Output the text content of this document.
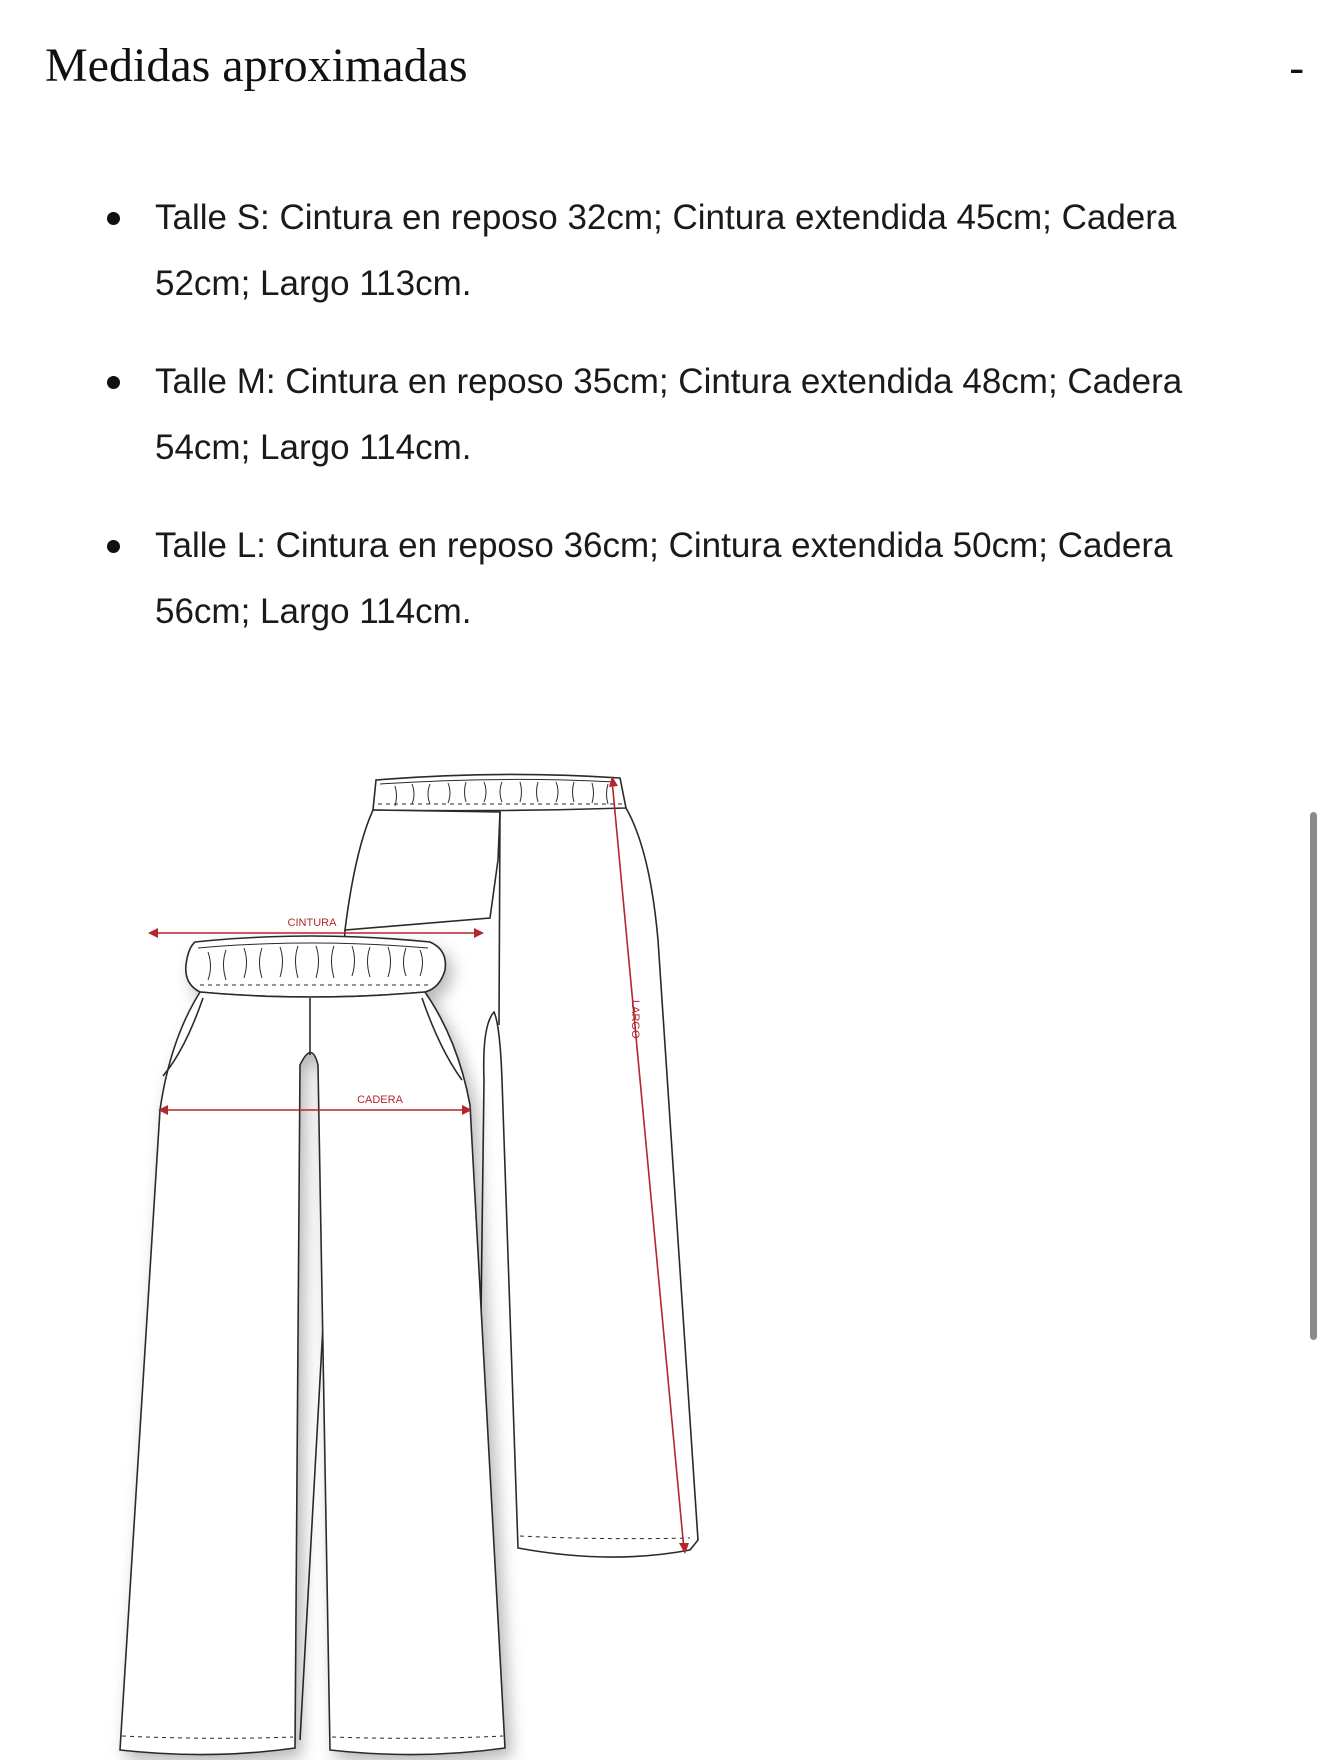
Medidas aproximadas	-
Talle S: Cintura en reposo 32cm; Cintura extendida 45cm; Cadera 52cm; Largo 113cm.
Talle M: Cintura en reposo 35cm; Cintura extendida 48cm; Cadera 54cm; Largo 114cm.
Talle L: Cintura en reposo 36cm; Cintura extendida 50cm; Cadera 56cm; Largo 114cm.
CINTURA
CADERA
LARGO
